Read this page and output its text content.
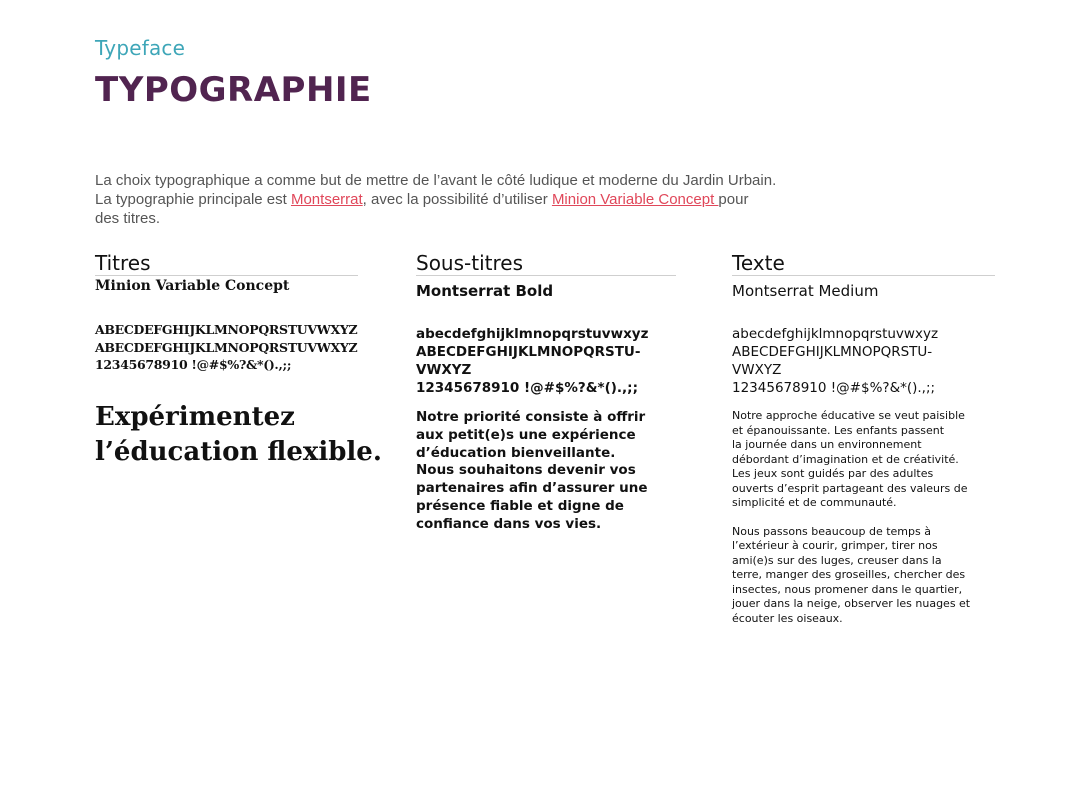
Typeface
TYPOGRAPHIE
La choix typographique a comme but de mettre de l’avant le côté ludique et moderne du Jardin Urbain.
La typographie principale est Montserrat, avec la possibilité d’utiliser Minion Variable Concept pour
des titres.
Titres
Minion Variable Concept
ABECDEFGHIJKLMNOPQRSTUVWXYZ
ABECDEFGHIJKLMNOPQRSTUVWXYZ
12345678910 !@#$%?&*().,;;
Expérimentez
l’éducation flexible.
Sous-titres
Montserrat Bold
abecdefghijklmnopqrstuvwxyz
ABECDEFGHIJKLMNOPQRSTU-
VWXYZ
12345678910 !@#$%?&*().,;;
Notre priorité consiste à offrir
aux petit(e)s une expérience
d’éducation bienveillante.
Nous souhaitons devenir vos
partenaires afin d’assurer une
présence fiable et digne de
confiance dans vos vies.
Texte
Montserrat Medium
abecdefghijklmnopqrstuvwxyz
ABECDEFGHIJKLMNOPQRSTU-
VWXYZ
12345678910 !@#$%?&*().,;;
Notre approche éducative se veut paisible
et épanouissante. Les enfants passent
la journée dans un environnement
débordant d’imagination et de créativité.
Les jeux sont guidés par des adultes
ouverts d’esprit partageant des valeurs de
simplicité et de communauté.
Nous passons beaucoup de temps à
l’extérieur à courir, grimper, tirer nos
ami(e)s sur des luges, creuser dans la
terre, manger des groseilles, chercher des
insectes, nous promener dans le quartier,
jouer dans la neige, observer les nuages et
écouter les oiseaux.
